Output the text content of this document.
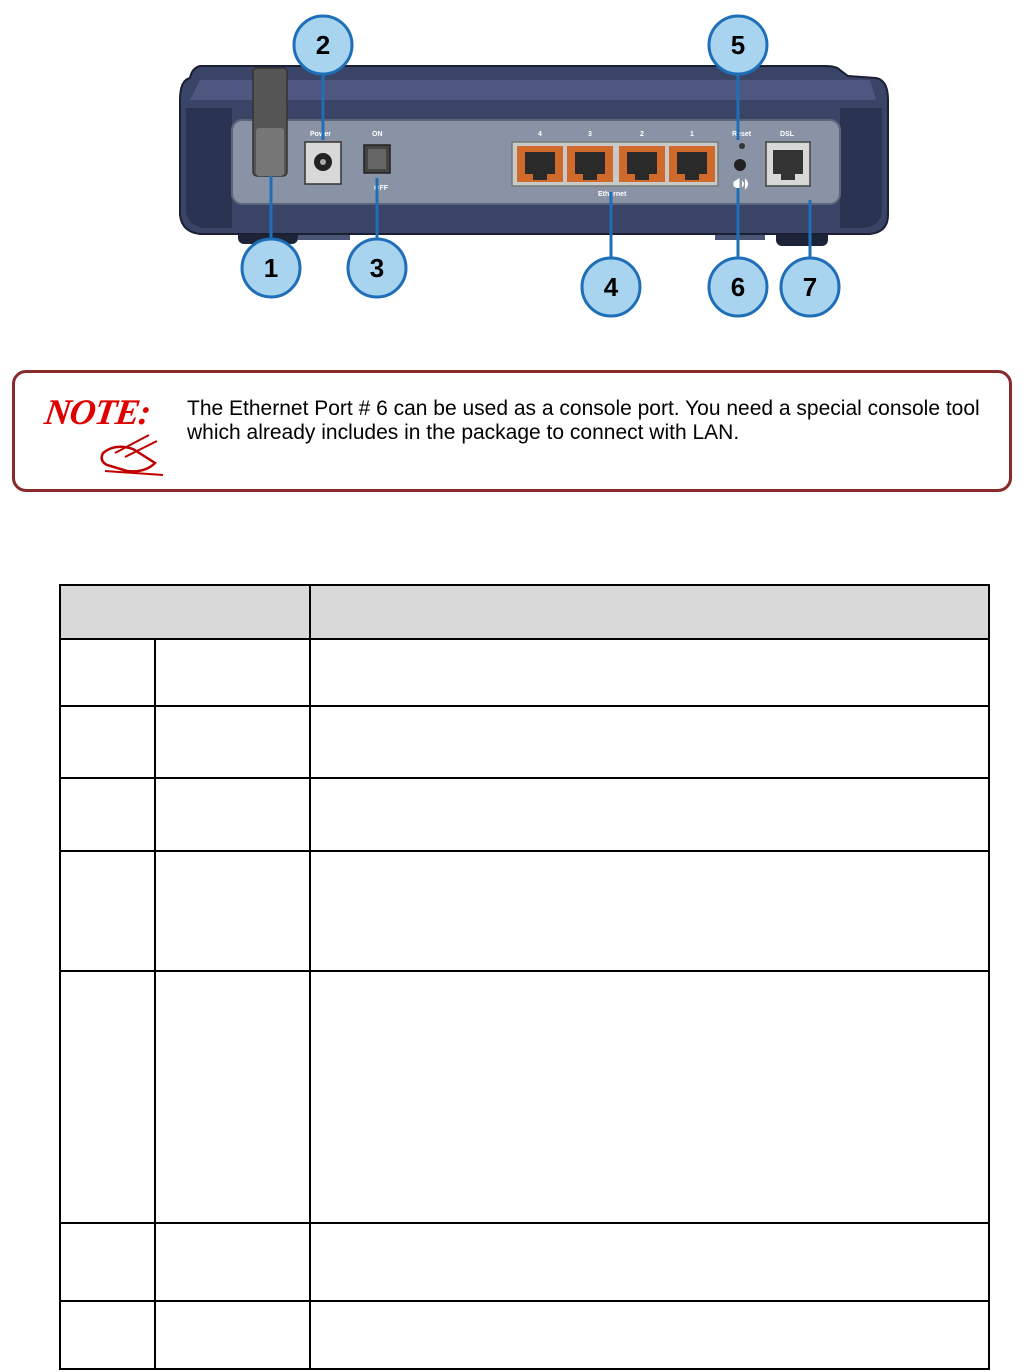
Power	ON
OFF
4	3	2	1
Ethernet
Reset	DSL
1
2
3
4
5
6 7
NOTE: The Ethernet Port # 6 can be used as a console port. You need a special console tool which already includes in the package to connect with LAN.
